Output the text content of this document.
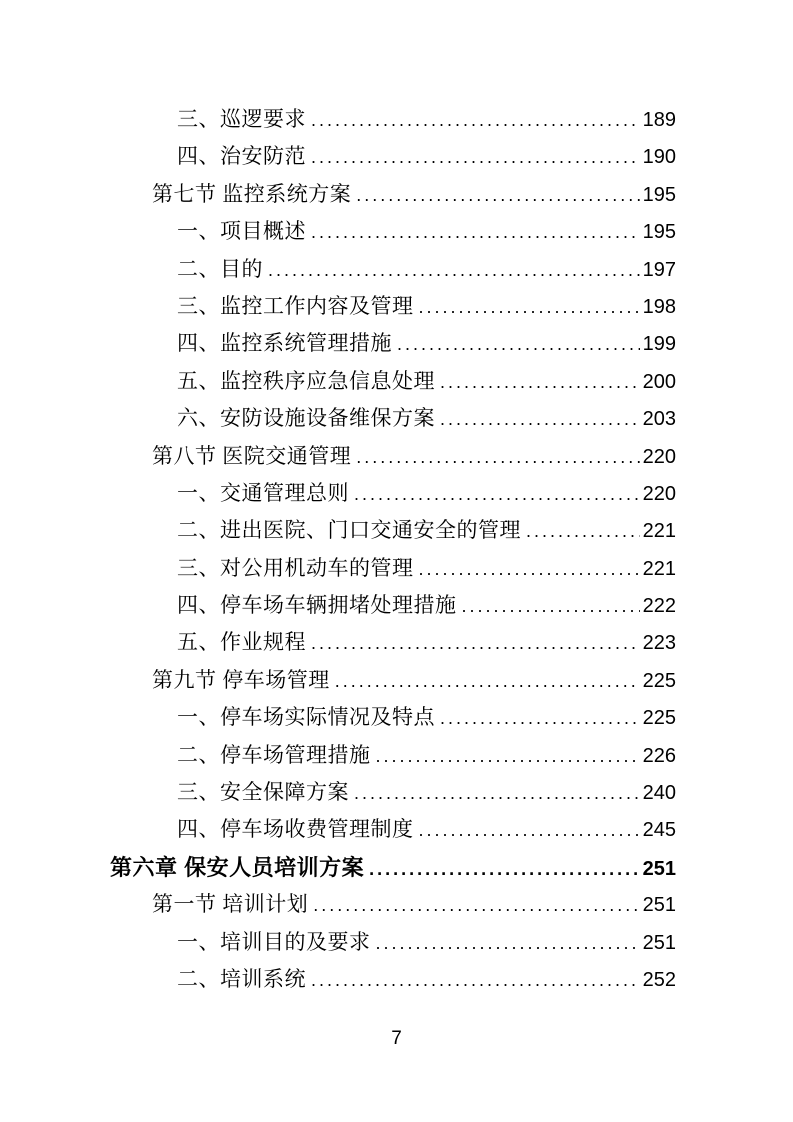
三、巡逻要求 .....	189
四、治安防范 .....	190
第七节 监控系统方案 .....	195
一、项目概述 .....	195
二、目的 .....	197
三、监控工作内容及管理 .....	198
四、监控系统管理措施 .....	199
五、监控秩序应急信息处理 .....	200
六、安防设施设备维保方案 .....	203
第八节 医院交通管理 .....	220
一、交通管理总则 .....	220
二、进出医院、门口交通安全的管理 .....	221
三、对公用机动车的管理 .....	221
四、停车场车辆拥堵处理措施 .....	222
五、作业规程 .....	223
第九节 停车场管理 .....	225
一、停车场实际情况及特点 .....	225
二、停车场管理措施 .....	226
三、安全保障方案 .....	240
四、停车场收费管理制度 .....	245
第六章 保安人员培训方案 .....	251
第一节 培训计划 .....	251
一、培训目的及要求 .....	251
二、培训系统 .....	252
7
